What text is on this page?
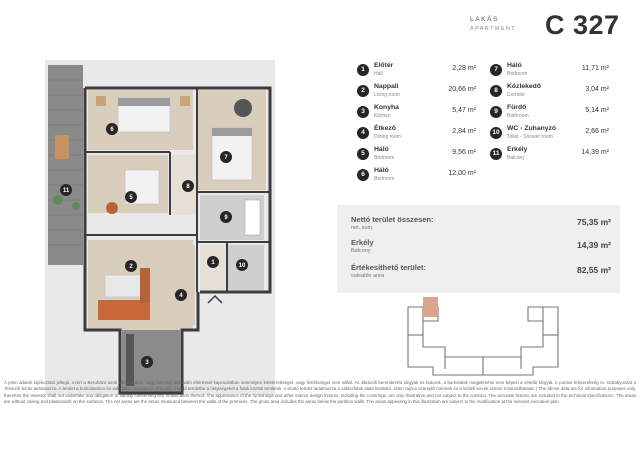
1
2
3
4
5
6
7
8
9
10
11
LAKÁS
APARTMENT C 327
1
Előtér
Hall
2,28 m²
2
Nappali
Living room
20,66 m²
3
Konyha
Kitchen
5,47 m²
4
Étkező
Dining room
2,84 m²
5
Háló
Bedroom
9,56 m²
6
Háló
Bedroom
12,00 m²
7
Háló
Bedroom
11,71 m²
8
Közlekedő
Corridor
3,04 m²
9
Fürdő
Bathroom
5,14 m²
10
WC - Zuhanyzó
Toilet - Shower room
2,66 m²
11
Erkély
Balcony
14,39 m²
Nettó terület összesen:
net. sum.
75,35 m²
Erkély
Balcony
14,39 m²
Értékesíthető terület:
saleable area
82,55 m²

A jelen adatok tájékoztató jellegű, ezért a Beruházó azok változásával, vagy bármely attól való eltéréssel kapcsolatban semmilyen kötelezettséget, vagy felelősséget nem vállal. Az ábrázolt berendezési tárgyak és bútorok, a burkolatok megjelenése nem képezi a vételár tárgyát. A pontos felszereltség m. szabályozást a Tervezői leírás tartalmazza. A terület a burkolatokon és vakolatlan felületeken értendő. A nettó területbe a helyiségeket a falak közötti területek. A bruttó terület tartalmazza a válaszfalak alatti területet. Jelen rajzon szereplő méretek és a kiviteli tervek szerint módosulhatnak. | The above data are for information purposes only, therefore the Investor shall not undertake any obligation or liability concerning any modification thereof. The appearance of the furnishings and other interior design fixtures, including the coverings, are only illustrative and not subject to the contract. The accurate fixtures are included in the technical specifications. The areas are without casing and plasterwork on the surfaces. The net areas are the areas measured between the walls of the premises. The gross area includes the areas below the partition walls. The areas appearing in this illustration are subject to the modification at the relevant execution plan.
